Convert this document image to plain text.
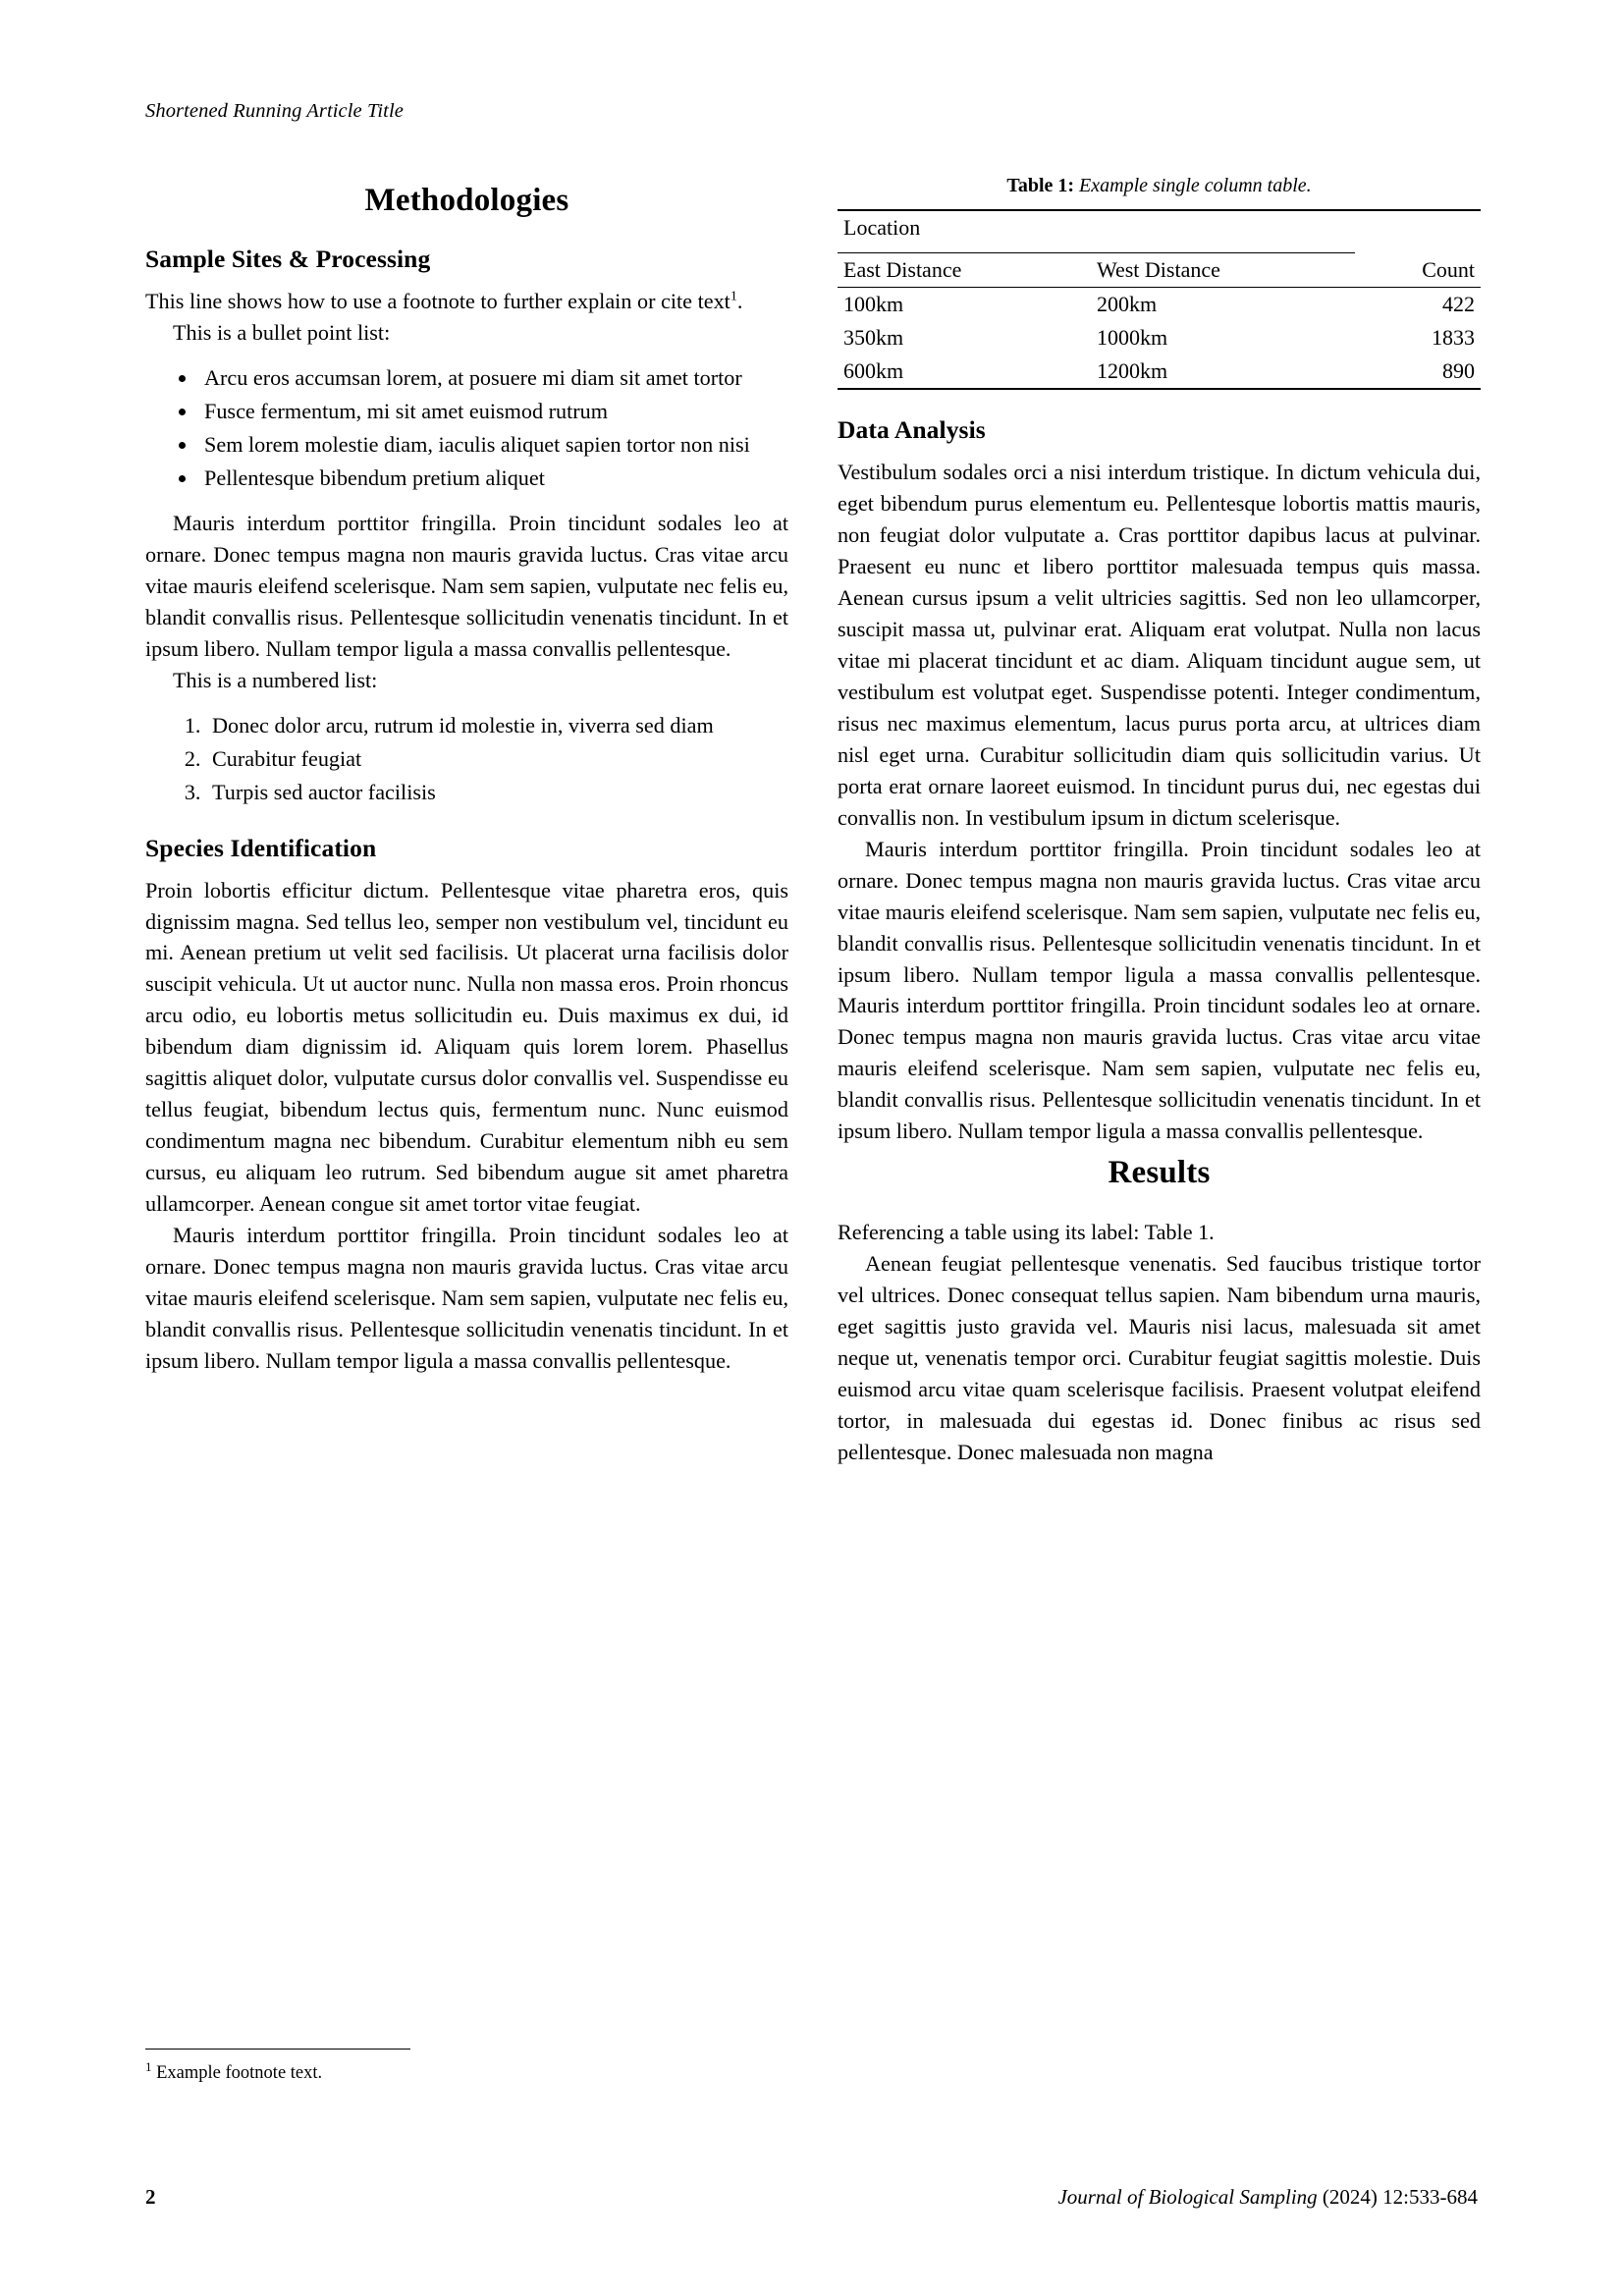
Shortened Running Article Title
Methodologies
Sample Sites & Processing

This line shows how to use a footnote to further explain or cite text$^1$.

This is a bullet point list:

• Arcu eros accumsan lorem, at posuere mi diam sit amet tortor
• Fusce fermentum, mi sit amet euismod rutrum
• Sem lorem molestie diam, iaculis aliquet sapien tortor non nisi
• Pellentesque bibendum pretium aliquet

Mauris interdum porttitor fringilla. Proin tincidunt sodales leo at ornare. Donec tempus magna non mauris gravida luctus. Cras vitae arcu vitae mauris eleifend scelerisque. Nam sem sapien, vulputate nec felis eu, blandit convallis risus. Pellentesque sollicitudin venenatis tincidunt. In et ipsum libero. Nullam tempor ligula a massa convallis pellentesque.

This is a numbered list:

1. Donec dolor arcu, rutrum id molestie in, viverra sed diam
2. Curabitur feugiat
3. Turpis sed auctor facilisis
Species Identification

Proin lobortis efficitur dictum. Pellentesque vitae pharetra eros, quis dignissim magna. Sed tellus leo, semper non vestibulum vel, tincidunt eu mi. Aenean pretium ut velit sed facilisis. Ut placerat urna facilisis dolor suscipit vehicula. Ut ut auctor nunc. Nulla non massa eros. Proin rhoncus arcu odio, eu lobortis metus sollicitudin eu. Duis maximus ex dui, id bibendum diam dignissim id. Aliquam quis lorem lorem. Phasellus sagittis aliquet dolor, vulputate cursus dolor convallis vel. Suspendisse eu tellus feugiat, bibendum lectus quis, fermentum nunc. Nunc euismod condimentum magna nec bibendum. Curabitur elementum nibh eu sem cursus, eu aliquam leo rutrum. Sed bibendum augue sit amet pharetra ullamcorper. Aenean congue sit amet tortor vitae feugiat.

Mauris interdum porttitor fringilla. Proin tincidunt sodales leo at ornare. Donec tempus magna non mauris gravida luctus. Cras vitae arcu vitae mauris eleifend scelerisque. Nam sem sapien, vulputate nec felis eu, blandit convallis risus. Pellentesque sollicitudin venenatis tincidunt. In et ipsum libero. Nullam tempor ligula a massa convallis pellentesque.

Table 1: Example single column table.
Location		

East Distance	West Distance	Count
100km	200km	422
350km	1000km	1833
600km	1200km	890
Data Analysis

Vestibulum sodales orci a nisi interdum tristique. In dictum vehicula dui, eget bibendum purus elementum eu. Pellentesque lobortis mattis mauris, non feugiat dolor vulputate a. Cras porttitor dapibus lacus at pulvinar. Praesent eu nunc et libero porttitor malesuada tempus quis massa. Aenean cursus ipsum a velit ultricies sagittis. Sed non leo ullamcorper, suscipit massa ut, pulvinar erat. Aliquam erat volutpat. Nulla non lacus vitae mi placerat tincidunt et ac diam. Aliquam tincidunt augue sem, ut vestibulum est volutpat eget. Suspendisse potenti. Integer condimentum, risus nec maximus elementum, lacus purus porta arcu, at ultrices diam nisl eget urna. Curabitur sollicitudin diam quis sollicitudin varius. Ut porta erat ornare laoreet euismod. In tincidunt purus dui, nec egestas dui convallis non. In vestibulum ipsum in dictum scelerisque.

Mauris interdum porttitor fringilla. Proin tincidunt sodales leo at ornare. Donec tempus magna non mauris gravida luctus. Cras vitae arcu vitae mauris eleifend scelerisque. Nam sem sapien, vulputate nec felis eu, blandit convallis risus. Pellentesque sollicitudin venenatis tincidunt. In et ipsum libero. Nullam tempor ligula a massa convallis pellentesque. Mauris interdum porttitor fringilla. Proin tincidunt sodales leo at ornare. Donec tempus magna non mauris gravida luctus. Cras vitae arcu vitae mauris eleifend scelerisque. Nam sem sapien, vulputate nec felis eu, blandit convallis risus. Pellentesque sollicitudin venenatis tincidunt. In et ipsum libero. Nullam tempor ligula a massa convallis pellentesque.

Results

Referencing a table using its label: Table 1.

Aenean feugiat pellentesque venenatis. Sed faucibus tristique tortor vel ultrices. Donec consequat tellus sapien. Nam bibendum urna mauris, eget sagittis justo gravida vel. Mauris nisi lacus, malesuada sit amet neque ut, venenatis tempor orci. Curabitur feugiat sagittis molestie. Duis euismod arcu vitae quam scelerisque facilisis. Praesent volutpat eleifend tortor, in malesuada dui egestas id. Donec finibus ac risus sed pellentesque. Donec malesuada non magna

$^1$ Example footnote text.
2	Journal of Biological Sampling (2024) 12:533-684
